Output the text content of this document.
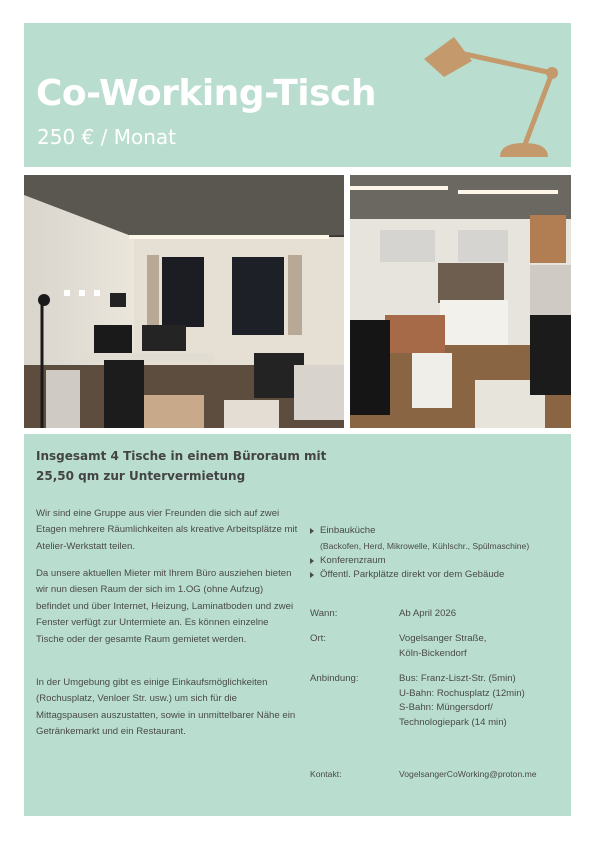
Co-Working-Tisch
250 € / Monat
Insgesamt 4 Tische in einem Büroraum mit 25,50 qm zur Untervermietung
Wir sind eine Gruppe aus vier Freunden die sich auf zwei Etagen mehrere Räumlichkeiten als kreative Arbeitsplätze mit Atelier-Werkstatt teilen.
Da unsere aktuellen Mieter mit Ihrem Büro ausziehen bieten wir nun diesen Raum der sich im 1.OG (ohne Aufzug) befindet und über Internet, Heizung, Laminatboden und zwei Fenster verfügt zur Untermiete an. Es können einzelne Tische oder der gesamte Raum gemietet werden.
In der Umgebung gibt es einige Einkaufsmöglichkeiten (Rochusplatz, Venloer Str. usw.) um sich für die Mittagspausen auszustatten, sowie in unmittelbarer Nähe ein Getränkemarkt und ein Restaurant.
Einbauküche
(Backofen, Herd, Mikrowelle, Kühlschr., Spülmaschine)
Konferenzraum
Öffentl. Parkplätze direkt vor dem Gebäude
Wann:	Ab April 2026
Ort:	Vogelsanger Straße,
Köln-Bickendorf
Anbindung:	Bus: Franz-Liszt-Str. (5min)
U-Bahn: Rochusplatz (12min)
S-Bahn: Müngersdorf/
Technologiepark (14 min)
Kontakt:	VogelsangerCoWorking@proton.me
